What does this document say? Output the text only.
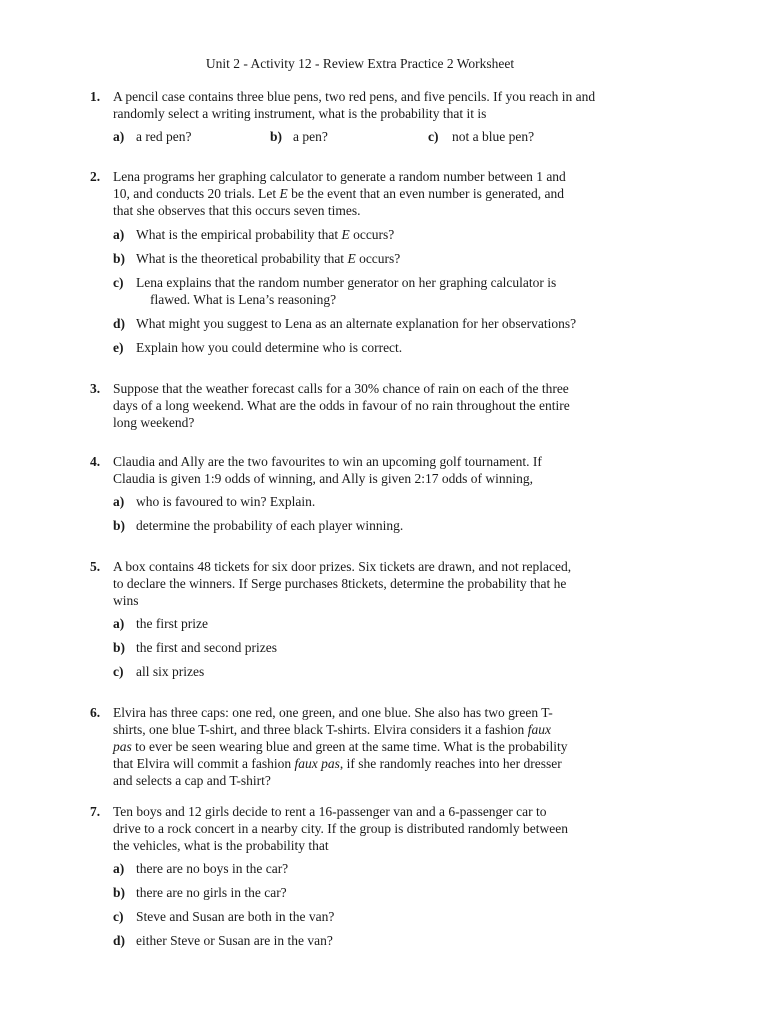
Unit 2 - Activity 12 - Review Extra Practice 2 Worksheet
1. A pencil case contains three blue pens, two red pens, and five pencils. If you reach in and
randomly select a writing instrument, what is the probability that it is
a) a red pen?	b) a pen?	c) not a blue pen?
2. Lena programs her graphing calculator to generate a random number between 1 and
10, and conducts 20 trials. Let E be the event that an even number is generated, and
that she observes that this occurs seven times.
a) What is the empirical probability that E occurs?
b) What is the theoretical probability that E occurs?
c) Lena explains that the random number generator on her graphing calculator is
flawed. What is Lena’s reasoning?
d) What might you suggest to Lena as an alternate explanation for her observations?
e) Explain how you could determine who is correct.
3. Suppose that the weather forecast calls for a 30% chance of rain on each of the three
days of a long weekend. What are the odds in favour of no rain throughout the entire
long weekend?
4. Claudia and Ally are the two favourites to win an upcoming golf tournament. If
Claudia is given 1:9 odds of winning, and Ally is given 2:17 odds of winning,
a) who is favoured to win? Explain.
b) determine the probability of each player winning.
5. A box contains 48 tickets for six door prizes. Six tickets are drawn, and not replaced,
to declare the winners. If Serge purchases 8tickets, determine the probability that he
wins
a) the first prize
b) the first and second prizes
c) all six prizes
6. Elvira has three caps: one red, one green, and one blue. She also has two green T-
shirts, one blue T-shirt, and three black T-shirts. Elvira considers it a fashion faux
pas to ever be seen wearing blue and green at the same time. What is the probability
that Elvira will commit a fashion faux pas, if she randomly reaches into her dresser
and selects a cap and T-shirt?
7. Ten boys and 12 girls decide to rent a 16-passenger van and a 6-passenger car to
drive to a rock concert in a nearby city. If the group is distributed randomly between
the vehicles, what is the probability that
a) there are no boys in the car?
b) there are no girls in the car?
c) Steve and Susan are both in the van?
d) either Steve or Susan are in the van?
